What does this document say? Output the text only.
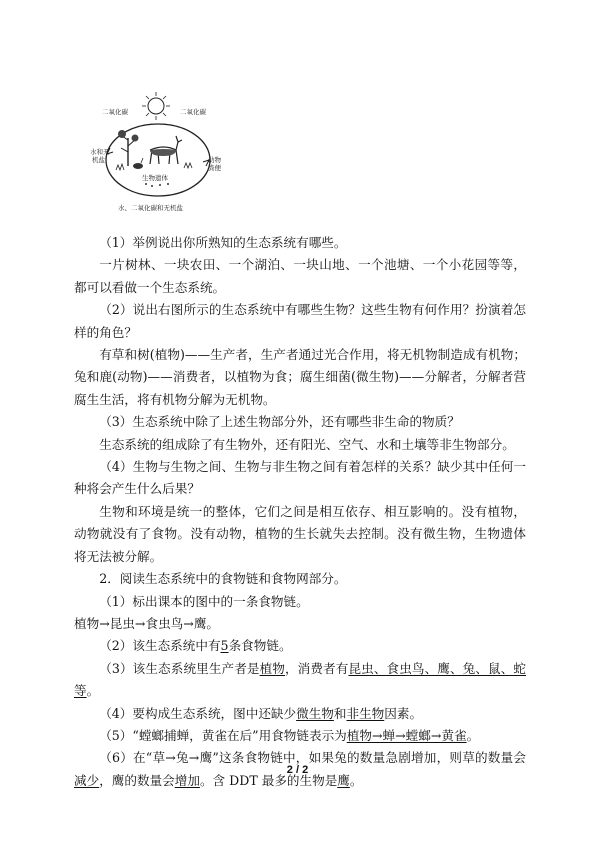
二氧化碳	二氧化碳
水和无
机盐	动物
粪便
生物遗体
水、二氧化碳和无机盐

（1）举例说出你所熟知的生态系统有哪些。

一片树林、一块农田、一个湖泊、一块山地、一个池塘、一个小花园等等，都可以看做一个生态系统。

（2）说出右图所示的生态系统中有哪些生物？这些生物有何作用？扮演着怎样的角色？

有草和树(植物)——生产者，生产者通过光合作用，将无机物制造成有机物；兔和鹿(动物)——消费者，以植物为食；腐生细菌(微生物)——分解者，分解者营腐生生活，将有机物分解为无机物。

（3）生态系统中除了上述生物部分外，还有哪些非生命的物质？

生态系统的组成除了有生物外，还有阳光、空气、水和土壤等非生物部分。

（4）生物与生物之间、生物与非生物之间有着怎样的关系？缺少其中任何一种将会产生什么后果？

生物和环境是统一的整体，它们之间是相互依存、相互影响的。没有植物，动物就没有了食物。没有动物，植物的生长就失去控制。没有微生物，生物遗体将无法被分解。

2．阅读生态系统中的食物链和食物网部分。

（1）标出课本的图中的一条食物链。

植物→昆虫→食虫鸟→鹰。

（2）该生态系统中有5条食物链。

（3）该生态系统里生产者是植物，消费者有昆虫、食虫鸟、鹰、兔、鼠、蛇等。

（4）要构成生态系统，图中还缺少微生物和非生物因素。

（5）“螳螂捕蝉，黄雀在后”用食物链表示为植物→蝉→螳螂→黄雀。

（6）在“草→兔→鹰”这条食物链中，如果兔的数量急剧增加，则草的数量会减少，鹰的数量会增加。含 DDT 最多的生物是鹰。

2 / 2
